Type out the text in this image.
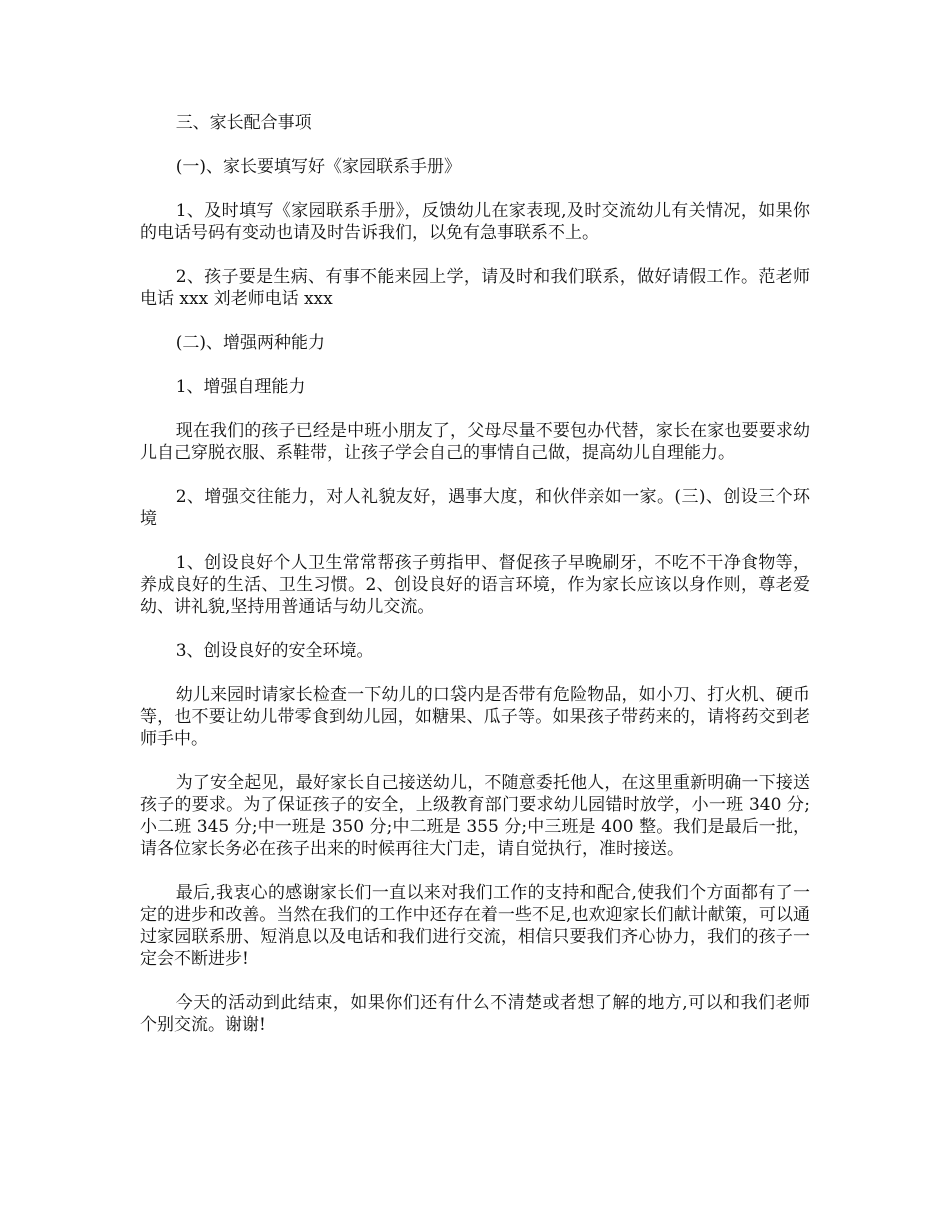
三、家长配合事项

(一)、家长要填写好《家园联系手册》

1、及时填写《家园联系手册》，反馈幼儿在家表现,及时交流幼儿有关情况，如果你的电话号码有变动也请及时告诉我们，以免有急事联系不上。

2、孩子要是生病、有事不能来园上学，请及时和我们联系，做好请假工作。范老师电话 xxx 刘老师电话 xxx

(二)、增强两种能力

1、增强自理能力

现在我们的孩子已经是中班小朋友了，父母尽量不要包办代替，家长在家也要要求幼儿自己穿脱衣服、系鞋带，让孩子学会自己的事情自己做，提高幼儿自理能力。

2、增强交往能力，对人礼貌友好，遇事大度，和伙伴亲如一家。(三)、创设三个环境

1、创设良好个人卫生常常帮孩子剪指甲、督促孩子早晚刷牙，不吃不干净食物等，养成良好的生活、卫生习惯。2、创设良好的语言环境，作为家长应该以身作则，尊老爱幼、讲礼貌,坚持用普通话与幼儿交流。

3、创设良好的安全环境。

幼儿来园时请家长检查一下幼儿的口袋内是否带有危险物品，如小刀、打火机、硬币等，也不要让幼儿带零食到幼儿园，如糖果、瓜子等。如果孩子带药来的，请将药交到老师手中。

为了安全起见，最好家长自己接送幼儿，不随意委托他人，在这里重新明确一下接送孩子的要求。为了保证孩子的安全，上级教育部门要求幼儿园错时放学，小一班 340 分;小二班 345 分;中一班是 350 分;中二班是 355 分;中三班是 400 整。我们是最后一批，请各位家长务必在孩子出来的时候再往大门走，请自觉执行，准时接送。

最后,我衷心的感谢家长们一直以来对我们工作的支持和配合,使我们个方面都有了一定的进步和改善。当然在我们的工作中还存在着一些不足,也欢迎家长们献计献策，可以通过家园联系册、短消息以及电话和我们进行交流，相信只要我们齐心协力，我们的孩子一定会不断进步!

今天的活动到此结束，如果你们还有什么不清楚或者想了解的地方,可以和我们老师个别交流。谢谢!
